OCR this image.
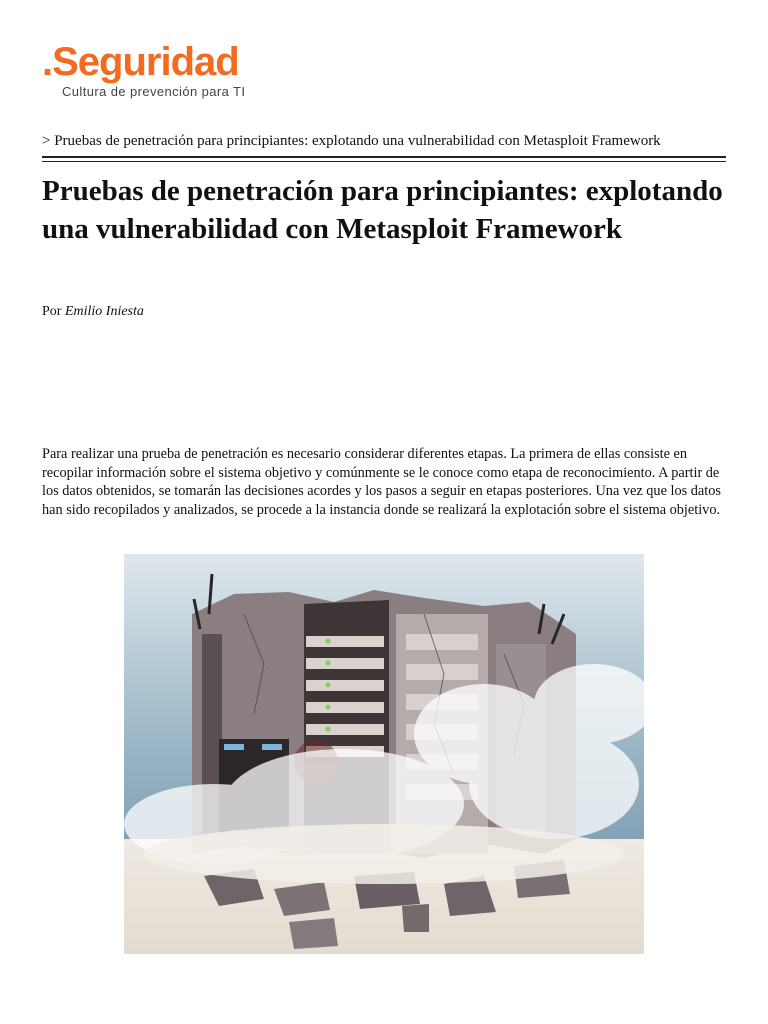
.Seguridad
Cultura de prevención para TI
> Pruebas de penetración para principiantes: explotando una vulnerabilidad con Metasploit Framework
Pruebas de penetración para principiantes: explotando una vulnerabilidad con Metasploit Framework
Por Emilio Iniesta

Para realizar una prueba de penetración es necesario considerar diferentes etapas. La primera de ellas consiste en recopilar información sobre el sistema objetivo y comúnmente se le conoce como etapa de reconocimiento. A partir de los datos obtenidos, se tomarán las decisiones acordes y los pasos a seguir en etapas posteriores. Una vez que los datos han sido recopilados y analizados, se procede a la instancia donde se realizará la explotación sobre el sistema objetivo.
